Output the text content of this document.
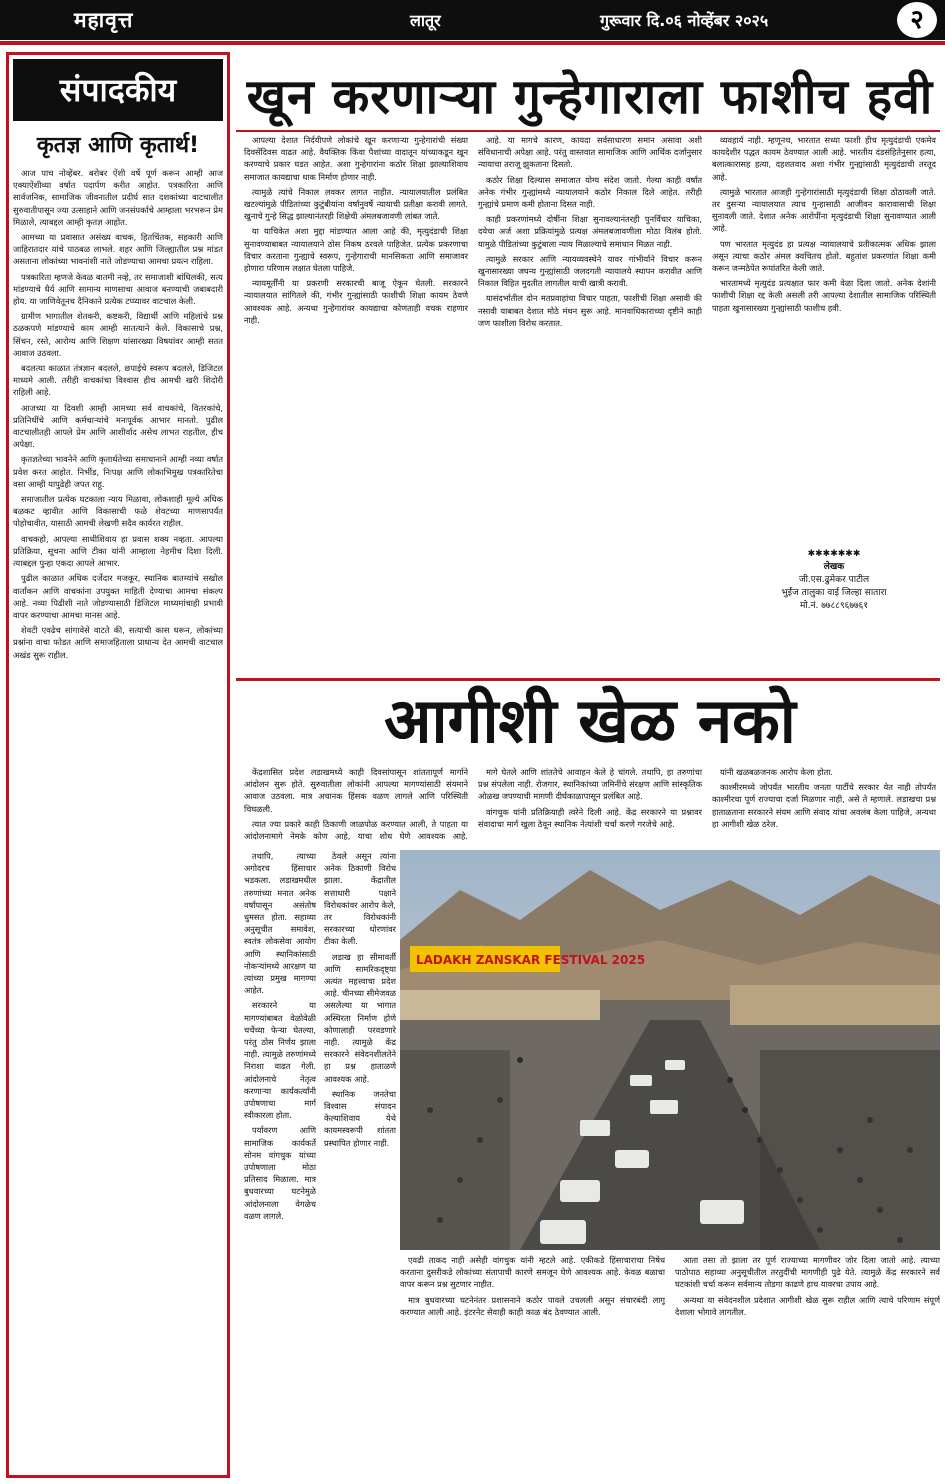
महावृत्त	लातूर	गुरूवार दि.०६ नोव्हेंबर २०२५	२
संपादकीय
कृतज्ञ आणि कृतार्थ!

आज पाच नोव्हेंबर. बरोबर ऐंशी वर्षे पूर्ण करून आम्ही आज एक्याऐंशीव्या वर्षात पदार्पण करीत आहोत. पत्रकारिता आणि सार्वजनिक, सामाजिक जीवनातील प्रदीर्घ सात दशकांच्या वाटचालीत सुरुवातीपासून ज्या उत्साहाने आणि जनसंपर्काचे आम्हाला भरभरून प्रेम मिळाले, त्याबद्दल आम्ही कृतज्ञ आहोत.

आमच्या या प्रवासात असंख्य वाचक, हितचिंतक, सहकारी आणि जाहिरातदार यांचे पाठबळ लाभले. शहर आणि जिल्ह्यातील प्रश्न मांडत असताना लोकांच्या भावनांशी नाते जोडण्याचा आमचा प्रयत्न राहिला.

पत्रकारिता म्हणजे केवळ बातमी नव्हे, तर समाजाशी बांधिलकी, सत्य मांडण्याचे धैर्य आणि सामान्य माणसाचा आवाज बनण्याची जबाबदारी होय. या जाणिवेतूनच दैनिकाने प्रत्येक टप्प्यावर वाटचाल केली.

ग्रामीण भागातील शेतकरी, कष्टकरी, विद्यार्थी आणि महिलांचे प्रश्न ठळकपणे मांडण्याचे काम आम्ही सातत्याने केले. विकासाचे प्रश्न, सिंचन, रस्ते, आरोग्य आणि शिक्षण यांसारख्या विषयांवर आम्ही सतत आवाज उठवला.

बदलत्या काळात तंत्रज्ञान बदलले, छपाईचे स्वरूप बदलले, डिजिटल माध्यमे आली. तरीही वाचकांचा विश्वास हीच आमची खरी शिदोरी राहिली आहे.

आजच्या या दिवशी आम्ही आमच्या सर्व वाचकांचे, वितरकांचे, प्रतिनिधींचे आणि कर्मचाऱ्यांचे मनःपूर्वक आभार मानतो. पुढील वाटचालीतही आपले प्रेम आणि आशीर्वाद असेच लाभत राहतील, हीच अपेक्षा.

कृतज्ञतेच्या भावनेने आणि कृतार्थतेच्या समाधानाने आम्ही नव्या वर्षात प्रवेश करत आहोत. निर्भीड, निःपक्ष आणि लोकाभिमुख पत्रकारितेचा वसा आम्ही यापुढेही जपत राहू.

समाजातील प्रत्येक घटकाला न्याय मिळावा, लोकशाही मूल्ये अधिक बळकट व्हावीत आणि विकासाची फळे शेवटच्या माणसापर्यंत पोहोचावीत, यासाठी आमची लेखणी सदैव कार्यरत राहील.

वाचकहो, आपल्या साथीशिवाय हा प्रवास शक्य नव्हता. आपल्या प्रतिक्रिया, सूचना आणि टीका यांनी आम्हाला नेहमीच दिशा दिली. त्याबद्दल पुन्हा एकदा आपले आभार.

पुढील काळात अधिक दर्जेदार मजकूर, स्थानिक बातम्यांचे सखोल वार्तांकन आणि वाचकांना उपयुक्त माहिती देण्याचा आमचा संकल्प आहे. नव्या पिढीशी नाते जोडण्यासाठी डिजिटल माध्यमांचाही प्रभावी वापर करण्याचा आमचा मानस आहे.

शेवटी एवढेच सांगावेसे वाटते की, सत्याची कास धरून, लोकांच्या प्रश्नांना वाचा फोडत आणि समाजहिताला प्राधान्य देत आमची वाटचाल अखंड सुरू राहील.

खून करणाऱ्या गुन्हेगाराला फाशीच हवी

आपल्या देशात निर्दयीपणे लोकांचे खून करणाऱ्या गुन्हेगारांची संख्या दिवसेंदिवस वाढत आहे. वैयक्तिक किंवा पैशांच्या वादातून यांच्याकडून खून करण्याचे प्रकार घडत आहेत. अशा गुन्हेगारांना कठोर शिक्षा झाल्याशिवाय समाजात कायद्याचा धाक निर्माण होणार नाही.

त्यामुळे त्यांचे निकाल लवकर लागत नाहीत. न्यायालयातील प्रलंबित खटल्यांमुळे पीडितांच्या कुटुंबीयांना वर्षानुवर्षे न्यायाची प्रतीक्षा करावी लागते. खुनाचे गुन्हे सिद्ध झाल्यानंतरही शिक्षेची अंमलबजावणी लांबत जाते.

या याचिकेत अशा मुद्दा मांडण्यात आला आहे की, मृत्युदंडाची शिक्षा सुनावण्याबाबत न्यायालयाने ठोस निकष ठरवले पाहिजेत. प्रत्येक प्रकरणाचा विचार करताना गुन्ह्याचे स्वरूप, गुन्हेगाराची मानसिकता आणि समाजावर होणारा परिणाम लक्षात घेतला पाहिजे.

न्यायमूर्तींनी या प्रकरणी सरकारची बाजू ऐकून घेतली. सरकारने न्यायालयात सांगितले की, गंभीर गुन्ह्यांसाठी फाशीची शिक्षा कायम ठेवणे आवश्यक आहे. अन्यथा गुन्हेगारांवर कायद्याचा कोणताही वचक राहणार नाही.

आहे. या मागचे कारण, कायदा सर्वसाधारण समान असावा अशी संविधानाची अपेक्षा आहे. परंतु वास्तवात सामाजिक आणि आर्थिक दर्जानुसार न्यायाचा तराजू झुकताना दिसतो.

कठोर शिक्षा दिल्यास समाजात योग्य संदेश जातो. गेल्या काही वर्षांत अनेक गंभीर गुन्ह्यांमध्ये न्यायालयाने कठोर निकाल दिले आहेत. तरीही गुन्ह्यांचे प्रमाण कमी होताना दिसत नाही.

काही प्रकरणांमध्ये दोषींना शिक्षा सुनावल्यानंतरही पुनर्विचार याचिका, दयेचा अर्ज अशा प्रक्रियांमुळे प्रत्यक्ष अंमलबजावणीला मोठा विलंब होतो. यामुळे पीडितांच्या कुटुंबाला न्याय मिळाल्याचे समाधान मिळत नाही.

त्यामुळे सरकार आणि न्यायव्यवस्थेने यावर गांभीर्याने विचार करून खुनासारख्या जघन्य गुन्ह्यांसाठी जलदगती न्यायालये स्थापन करावीत आणि निकाल विहित मुदतीत लागतील याची खात्री करावी.

यासंदर्भातील दोन मतप्रवाहांचा विचार पाहता, फाशीची शिक्षा असावी की नसावी याबाबत देशात मोठे मंथन सुरू आहे. मानवाधिकाराच्या दृष्टीने काही जण फाशीला विरोध करतात.

व्यवहार्य नाही. म्हणूनच, भारतात सध्या फाशी हीच मृत्युदंडाची एकमेव कायदेशीर पद्धत कायम ठेवण्यात आली आहे. भारतीय दंडसंहितेनुसार हत्या, बलात्कारासह हत्या, दहशतवाद अशा गंभीर गुन्ह्यांसाठी मृत्युदंडाची तरतूद आहे.

त्यामुळे भारतात आजही गुन्हेगारांसाठी मृत्युदंडाची शिक्षा ठोठावली जाते. तर दुसऱ्या न्यायालयात त्याच गुन्हासाठी आजीवन कारावासाची शिक्षा सुनावली जाते. देशात अनेक आरोपींना मृत्युदंडाची शिक्षा सुनावण्यात आली आहे.

पण भारतात मृत्युदंड हा प्रत्यक्ष न्यायालयाचे प्रतीकात्मक अधिक झाला असून त्याचा कठोर अंमल क्वचितच होतो. बहुतांश प्रकरणांत शिक्षा कमी करून जन्मठेपेत रूपांतरित केली जाते.

भारतामध्ये मृत्युदंड प्रत्यक्षात फार कमी वेळा दिला जातो. अनेक देशांनी फाशीची शिक्षा रद्द केली असली तरी आपल्या देशातील सामाजिक परिस्थिती पाहता खुनासारख्या गुन्ह्यांसाठी फाशीच हवी.

✱✱✱✱✱✱✱
लेखक
जी.एस.ढुमेकर पाटील
भुईंज तालुका वाई जिल्हा सातारा
मो.नं. ७७८८९६७७६१
आगीशी खेळ नको

केंद्रशासित प्रदेश लडाखमध्ये काही दिवसांपासून शांततापूर्ण मार्गाने आंदोलन सुरू होते. सुरुवातीला लोकांनी आपल्या मागण्यांसाठी संयमाने आवाज उठवला. मात्र अचानक हिंसक वळण लागले आणि परिस्थिती चिघळली.

त्यात ज्या प्रकारे काही ठिकाणी जाळपोळ करण्यात आली, ते पाहता या आंदोलनामागे नेमके कोण आहे, याचा शोध घेणे आवश्यक आहे.

मागे घेतले आणि शांततेचे आवाहन केले हे चांगले. तथापि, हा तरुणांचा प्रश्न संपलेला नाही. रोजगार, स्थानिकांच्या जमिनींचे संरक्षण आणि सांस्कृतिक ओळख जपण्याची मागणी दीर्घकाळापासून प्रलंबित आहे.

वांगचुक यांनी प्रतिक्रियाही त्वरेने दिली आहे. केंद्र सरकारने या प्रश्नावर संवादाचा मार्ग खुला ठेवून स्थानिक नेत्यांशी चर्चा करणे गरजेचे आहे.

यांनी खळबळजनक आरोप केला होता.

काश्मीरमध्ये जोपर्यंत भारतीय जनता पार्टीचे सरकार येत नाही तोपर्यंत काश्मीरचा पूर्ण राज्याचा दर्जा मिळणार नाही, असे ते म्हणाले. लडाखचा प्रश्न हाताळताना सरकारने संयम आणि संवाद यांचा अवलंब केला पाहिजे, अन्यथा हा आगीशी खेळ ठरेल.

तथापि, त्याच्या अगोदरच हिंसाचार भडकला. लडाखमधील तरुणांच्या मनात अनेक वर्षांपासून असंतोष धुमसत होता. सहाव्या अनुसूचीत समावेश, स्वतंत्र लोकसेवा आयोग आणि स्थानिकांसाठी नोकऱ्यांमध्ये आरक्षण या त्यांच्या प्रमुख मागण्या आहेत.

सरकारने या मागण्यांबाबत वेळोवेळी चर्चेच्या फेऱ्या घेतल्या, परंतु ठोस निर्णय झाला नाही. त्यामुळे तरुणांमध्ये निराशा वाढत गेली. आंदोलनाचे नेतृत्व करणाऱ्या कार्यकर्त्यांनी उपोषणाचा मार्ग स्वीकारला होता.

पर्यावरण आणि सामाजिक कार्यकर्ते सोनम वांगचुक यांच्या उपोषणाला मोठा प्रतिसाद मिळाला. मात्र बुधवारच्या घटनेमुळे आंदोलनाला वेगळेच वळण लागले.

ठेवले असून त्यांना अनेक ठिकाणी विरोध झाला. केंद्रातील सत्ताधारी पक्षाने विरोधकांवर आरोप केले, तर विरोधकांनी सरकारच्या धोरणांवर टीका केली.

लडाख हा सीमावर्ती आणि सामरिकदृष्ट्या अत्यंत महत्त्वाचा प्रदेश आहे. चीनच्या सीमेजवळ असलेल्या या भागात अस्थिरता निर्माण होणे कोणालाही परवडणारे नाही. त्यामुळे केंद्र सरकारने संवेदनशीलतेने हा प्रश्न हाताळणे आवश्यक आहे.

स्थानिक जनतेचा विश्वास संपादन केल्याशिवाय येथे कायमस्वरूपी शांतता प्रस्थापित होणार नाही.

LADAKH ZANSKAR FESTIVAL 2025

एवढी ताकद नाही असेही वांगचुक यांनी म्हटले आहे. एकीकडे हिंसाचाराचा निषेध करताना दुसरीकडे लोकांच्या संतापाची कारणे समजून घेणे आवश्यक आहे. केवळ बळाचा वापर करून प्रश्न सुटणार नाहीत.

मात्र बुधवारच्या घटनेनंतर प्रशासनाने कठोर पावले उचलली असून संचारबंदी लागू करण्यात आली आहे. इंटरनेट सेवाही काही काळ बंद ठेवण्यात आली.

आता तसा तो झाला तर पूर्ण राज्याच्या मागणीवर जोर दिला जातो आहे. त्याच्या पाठोपाठ सहाव्या अनुसूचीतील तरतुदींची मागणीही पुढे येते. त्यामुळे केंद्र सरकारने सर्व घटकांशी चर्चा करून सर्वमान्य तोडगा काढणे हाच यावरचा उपाय आहे.

अन्यथा या संवेदनशील प्रदेशात आगीशी खेळ सुरू राहील आणि त्याचे परिणाम संपूर्ण देशाला भोगावे लागतील.
